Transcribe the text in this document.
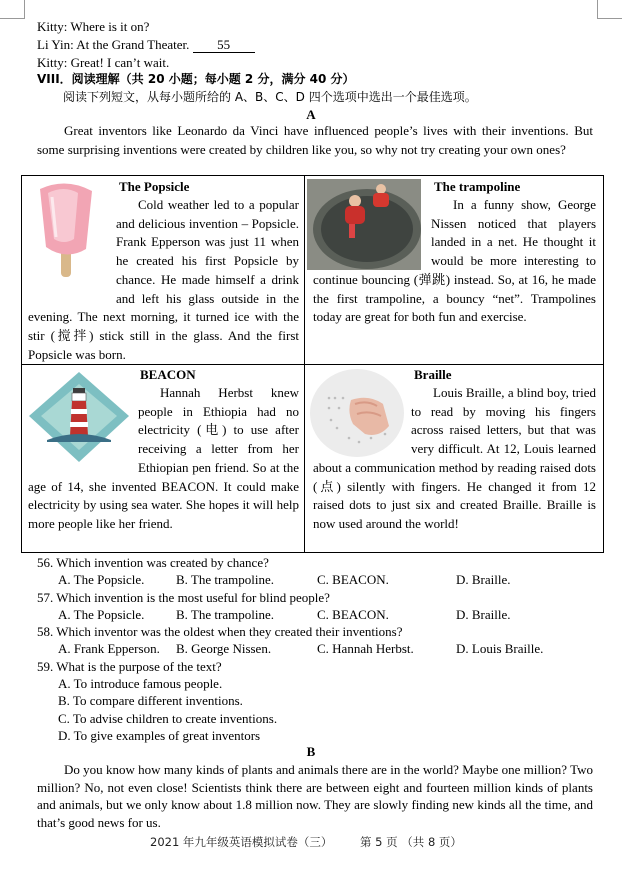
Kitty: Where is it on?
Li Yin: At the Grand Theater. 55
Kitty: Great! I can’t wait.
VIII．阅读理解（共 20 小题；每小题 2 分，满分 40 分）
阅读下列短文，从每小题所给的 A、B、C、D 四个选项中选出一个最佳选项。
A
Great inventors like Leonardo da Vinci have influenced people’s lives with their inventions. But some surprising inventions were created by children like you, so why not try creating your own ones?
The Popsicle
Cold weather led to a popular and delicious invention – Popsicle. Frank Epperson was just 11 when he created his first Popsicle by chance. He made himself a drink and left his glass outside in the evening. The next morning, it turned ice with the stir (搅拌) stick still in the glass. And the first Popsicle was born.
The trampoline
In a funny show, George Nissen noticed that players landed in a net. He thought it would be more interesting to continue bouncing (弹跳) instead. So, at 16, he made the first trampoline, a bouncy “net”. Trampolines today are great for both fun and exercise.
BEACON
Hannah Herbst knew people in Ethiopia had no electricity (电) to use after receiving a letter from her Ethiopian pen friend. So at the age of 14, she invented BEACON. It could make electricity by using sea water. She hopes it will help more people like her friend.
Braille
Louis Braille, a blind boy, tried to read by moving his fingers across raised letters, but that was very difficult. At 12, Louis learned about a communication method by reading raised dots (点) silently with fingers. He changed it from 12 raised dots to just six and created Braille. Braille is now used around the world!
56. Which invention was created by chance?
A. The Popsicle. B. The trampoline.	C. BEACON.	D. Braille.
57. Which invention is the most useful for blind people?
A. The Popsicle. B. The trampoline.	C. BEACON.	D. Braille.
58. Which inventor was the oldest when they created their inventions?
A. Frank Epperson. B. George Nissen.	C. Hannah Herbst.	D. Louis Braille.
59. What is the purpose of the text?
A. To introduce famous people.
B. To compare different inventions.
C. To advise children to create inventions.
D. To give examples of great inventors
B
Do you know how many kinds of plants and animals there are in the world? Maybe one million? Two million? No, not even close! Scientists think there are between eight and fourteen million kinds of plants and animals, but we only know about 1.8 million now. They are slowly finding new kinds all the time, and that’s good news for us.
2021 年九年级英语模拟试卷（三） 第 5 页 （共 8 页）
